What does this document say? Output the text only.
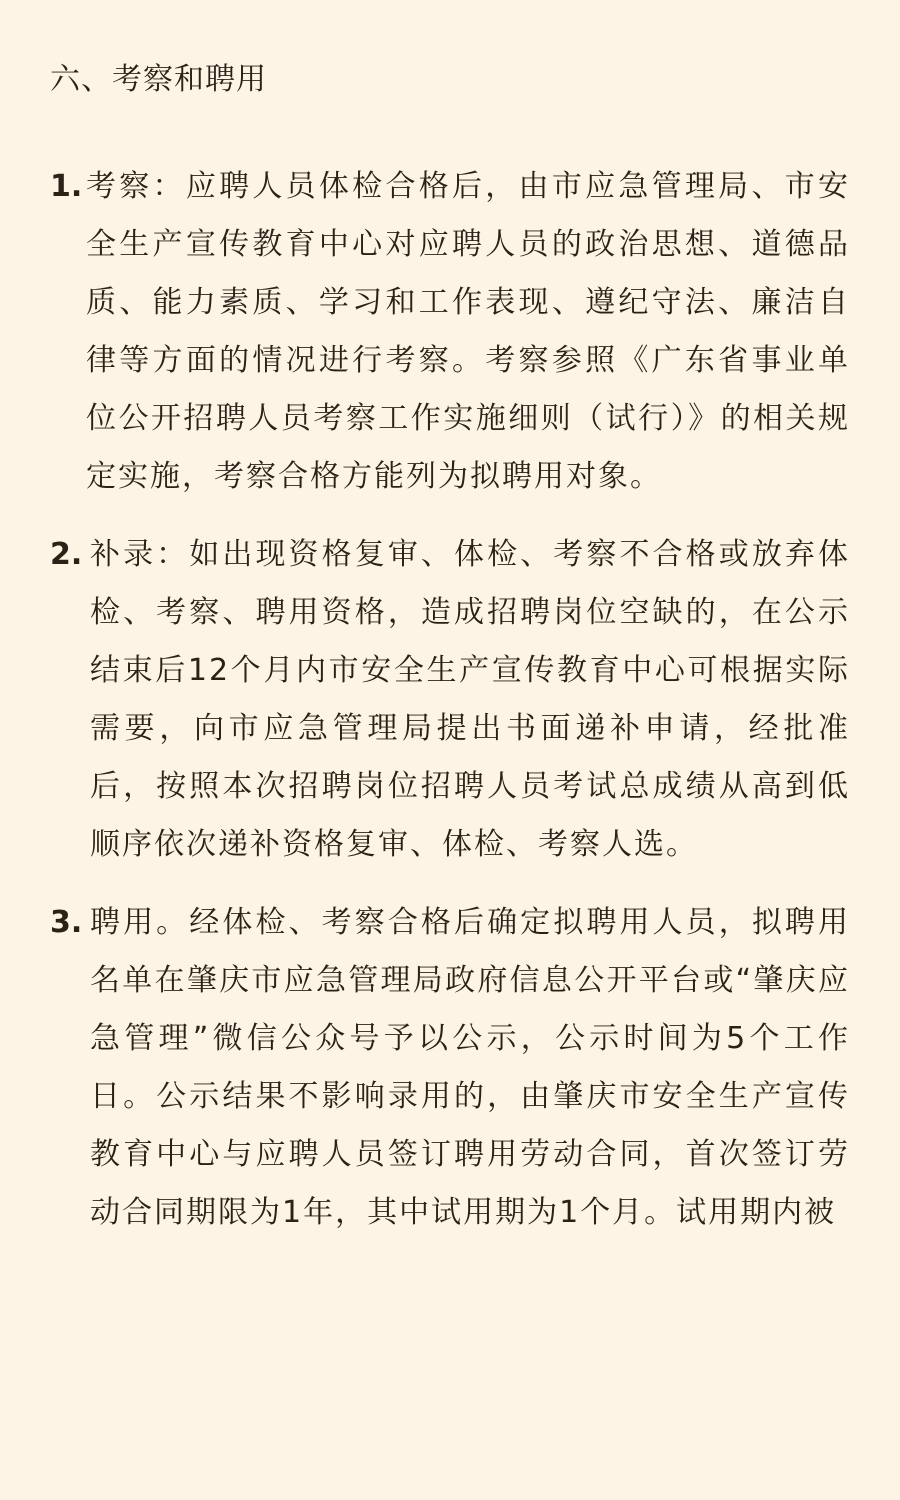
六、考察和聘用
1. 考察：应聘人员体检合格后，由市应急管理局、市安全生产宣传教育中心对应聘人员的政治思想、道德品质、能力素质、学习和工作表现、遵纪守法、廉洁自律等方面的情况进行考察。考察参照《广东省事业单位公开招聘人员考察工作实施细则（试行）》的相关规定实施，考察合格方能列为拟聘用对象。

2. 补录：如出现资格复审、体检、考察不合格或放弃体检、考察、聘用资格，造成招聘岗位空缺的，在公示结束后12个月内市安全生产宣传教育中心可根据实际需要，向市应急管理局提出书面递补申请，经批准后，按照本次招聘岗位招聘人员考试总成绩从高到低顺序依次递补资格复审、体检、考察人选。

3. 聘用。经体检、考察合格后确定拟聘用人员，拟聘用名单在肇庆市应急管理局政府信息公开平台或“肇庆应急管理”微信公众号予以公示，公示时间为5个工作日。公示结果不影响录用的，由肇庆市安全生产宣传教育中心与应聘人员签订聘用劳动合同，首次签订劳动合同期限为1年，其中试用期为1个月。试用期内被
